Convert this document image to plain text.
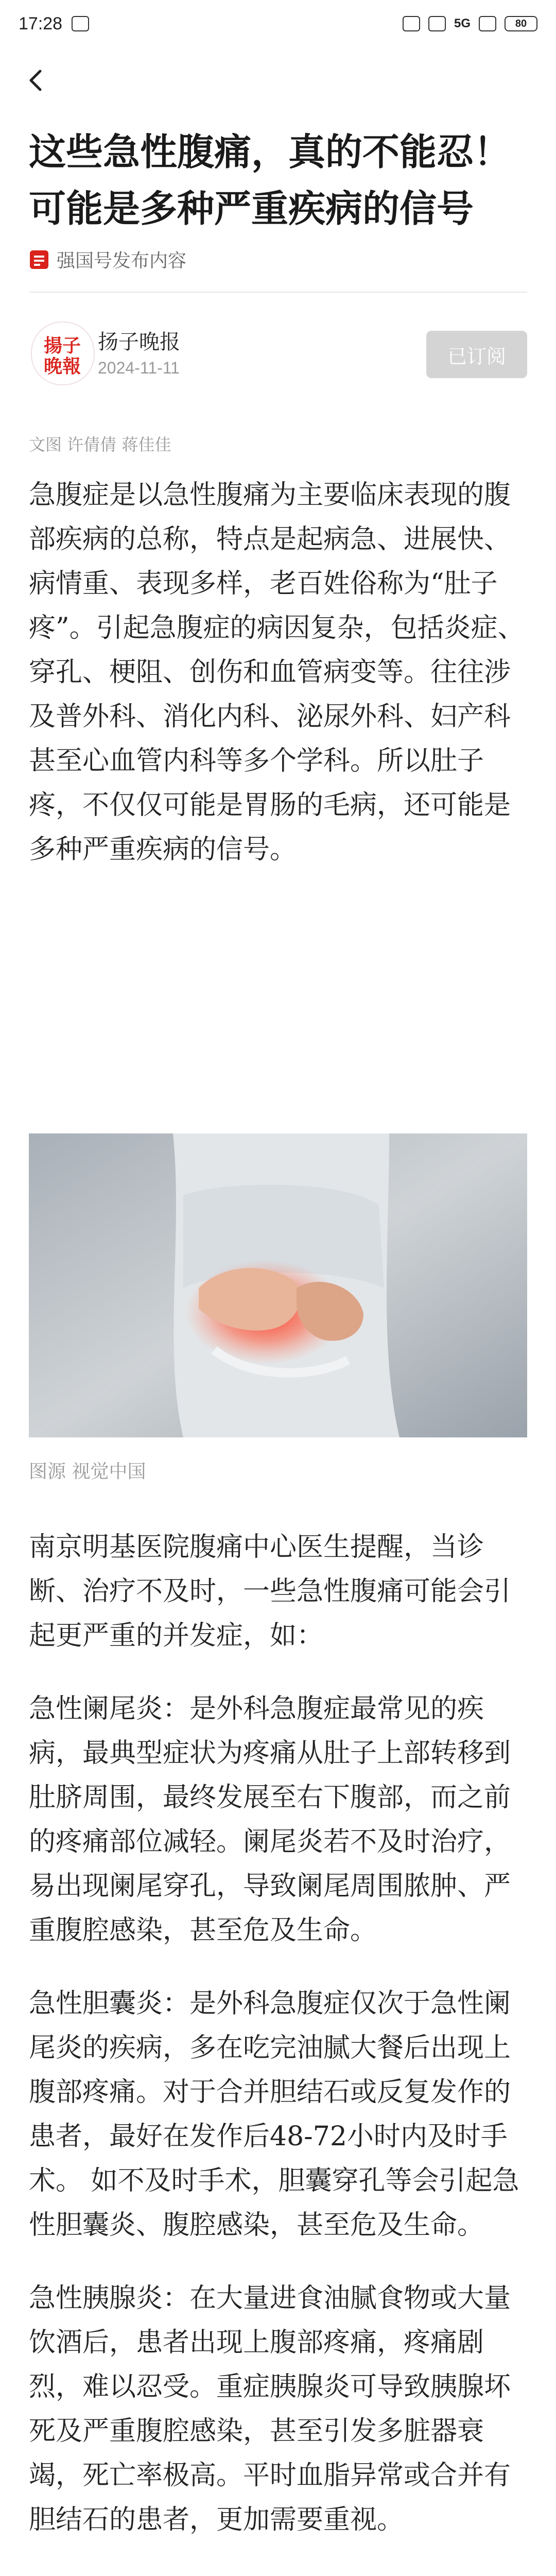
17:28	5G	80
这些急性腹痛，真的不能忍！可能是多种严重疾病的信号
强国号发布内容
揚 子
晚 報
扬子晚报
2024-11-11
已订阅
文图 许倩倩 蒋佳佳

急腹症是以急性腹痛为主要临床表现的腹部疾病的总称，特点是起病急、进展快、病情重、表现多样，老百姓俗称为“肚子疼”。引起急腹症的病因复杂，包括炎症、穿孔、梗阻、创伤和血管病变等。往往涉及普外科、消化内科、泌尿外科、妇产科甚至心血管内科等多个学科。所以肚子疼，不仅仅可能是胃肠的毛病，还可能是多种严重疾病的信号。

图源 视觉中国

南京明基医院腹痛中心医生提醒，当诊断、治疗不及时，一些急性腹痛可能会引起更严重的并发症，如：

急性阑尾炎：是外科急腹症最常见的疾病，最典型症状为疼痛从肚子上部转移到肚脐周围，最终发展至右下腹部，而之前的疼痛部位减轻。阑尾炎若不及时治疗，易出现阑尾穿孔，导致阑尾周围脓肿、严重腹腔感染，甚至危及生命。

急性胆囊炎：是外科急腹症仅次于急性阑尾炎的疾病，多在吃完油腻大餐后出现上腹部疼痛。对于合并胆结石或反复发作的患者，最好在发作后48-72小时内及时手术。 如不及时手术，胆囊穿孔等会引起急性胆囊炎、腹腔感染，甚至危及生命。

急性胰腺炎：在大量进食油腻食物或大量饮酒后，患者出现上腹部疼痛，疼痛剧烈，难以忍受。重症胰腺炎可导致胰腺坏死及严重腹腔感染，甚至引发多脏器衰竭，死亡率极高。平时血脂异常或合并有胆结石的患者，更加需要重视。
